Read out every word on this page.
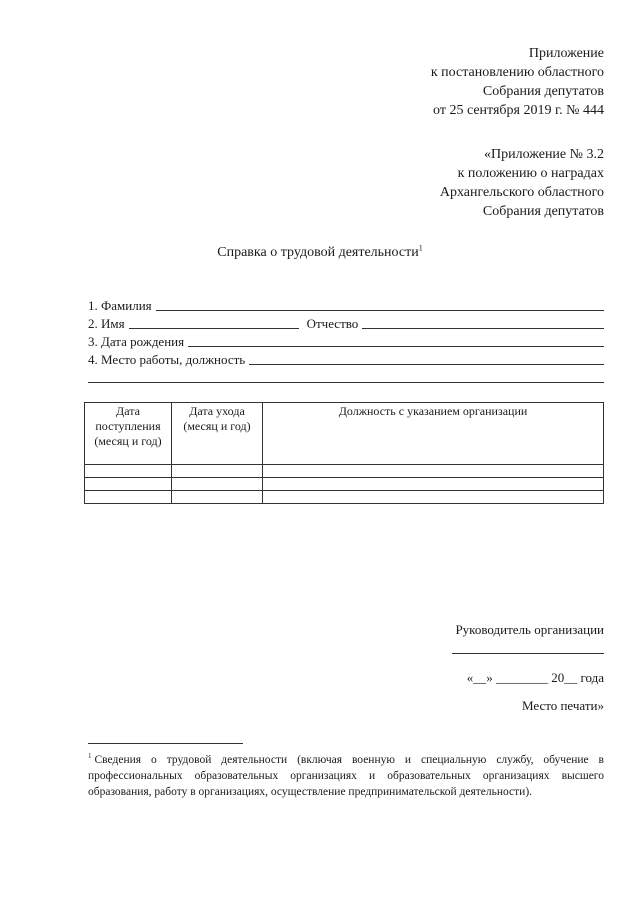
Приложение
к постановлению областного
Собрания депутатов
от 25 сентября 2019 г. № 444
«Приложение № 3.2
к положению о наградах
Архангельского областного
Собрания депутатов
Справка о трудовой деятельности$^1$
1. Фамилия
2. Имя	Отчество
3. Дата рождения
4. Место работы, должность
Дата поступления (месяц и год)	Дата ухода (месяц и год)	Должность с указанием организации

Руководитель организации
«__» ________ 20__ года
Место печати»
$^1$ Сведения о трудовой деятельности (включая военную и специальную службу, обучение в профессиональных образовательных организациях и образовательных организациях высшего образования, работу в организациях, осуществление предпринимательской деятельности).
